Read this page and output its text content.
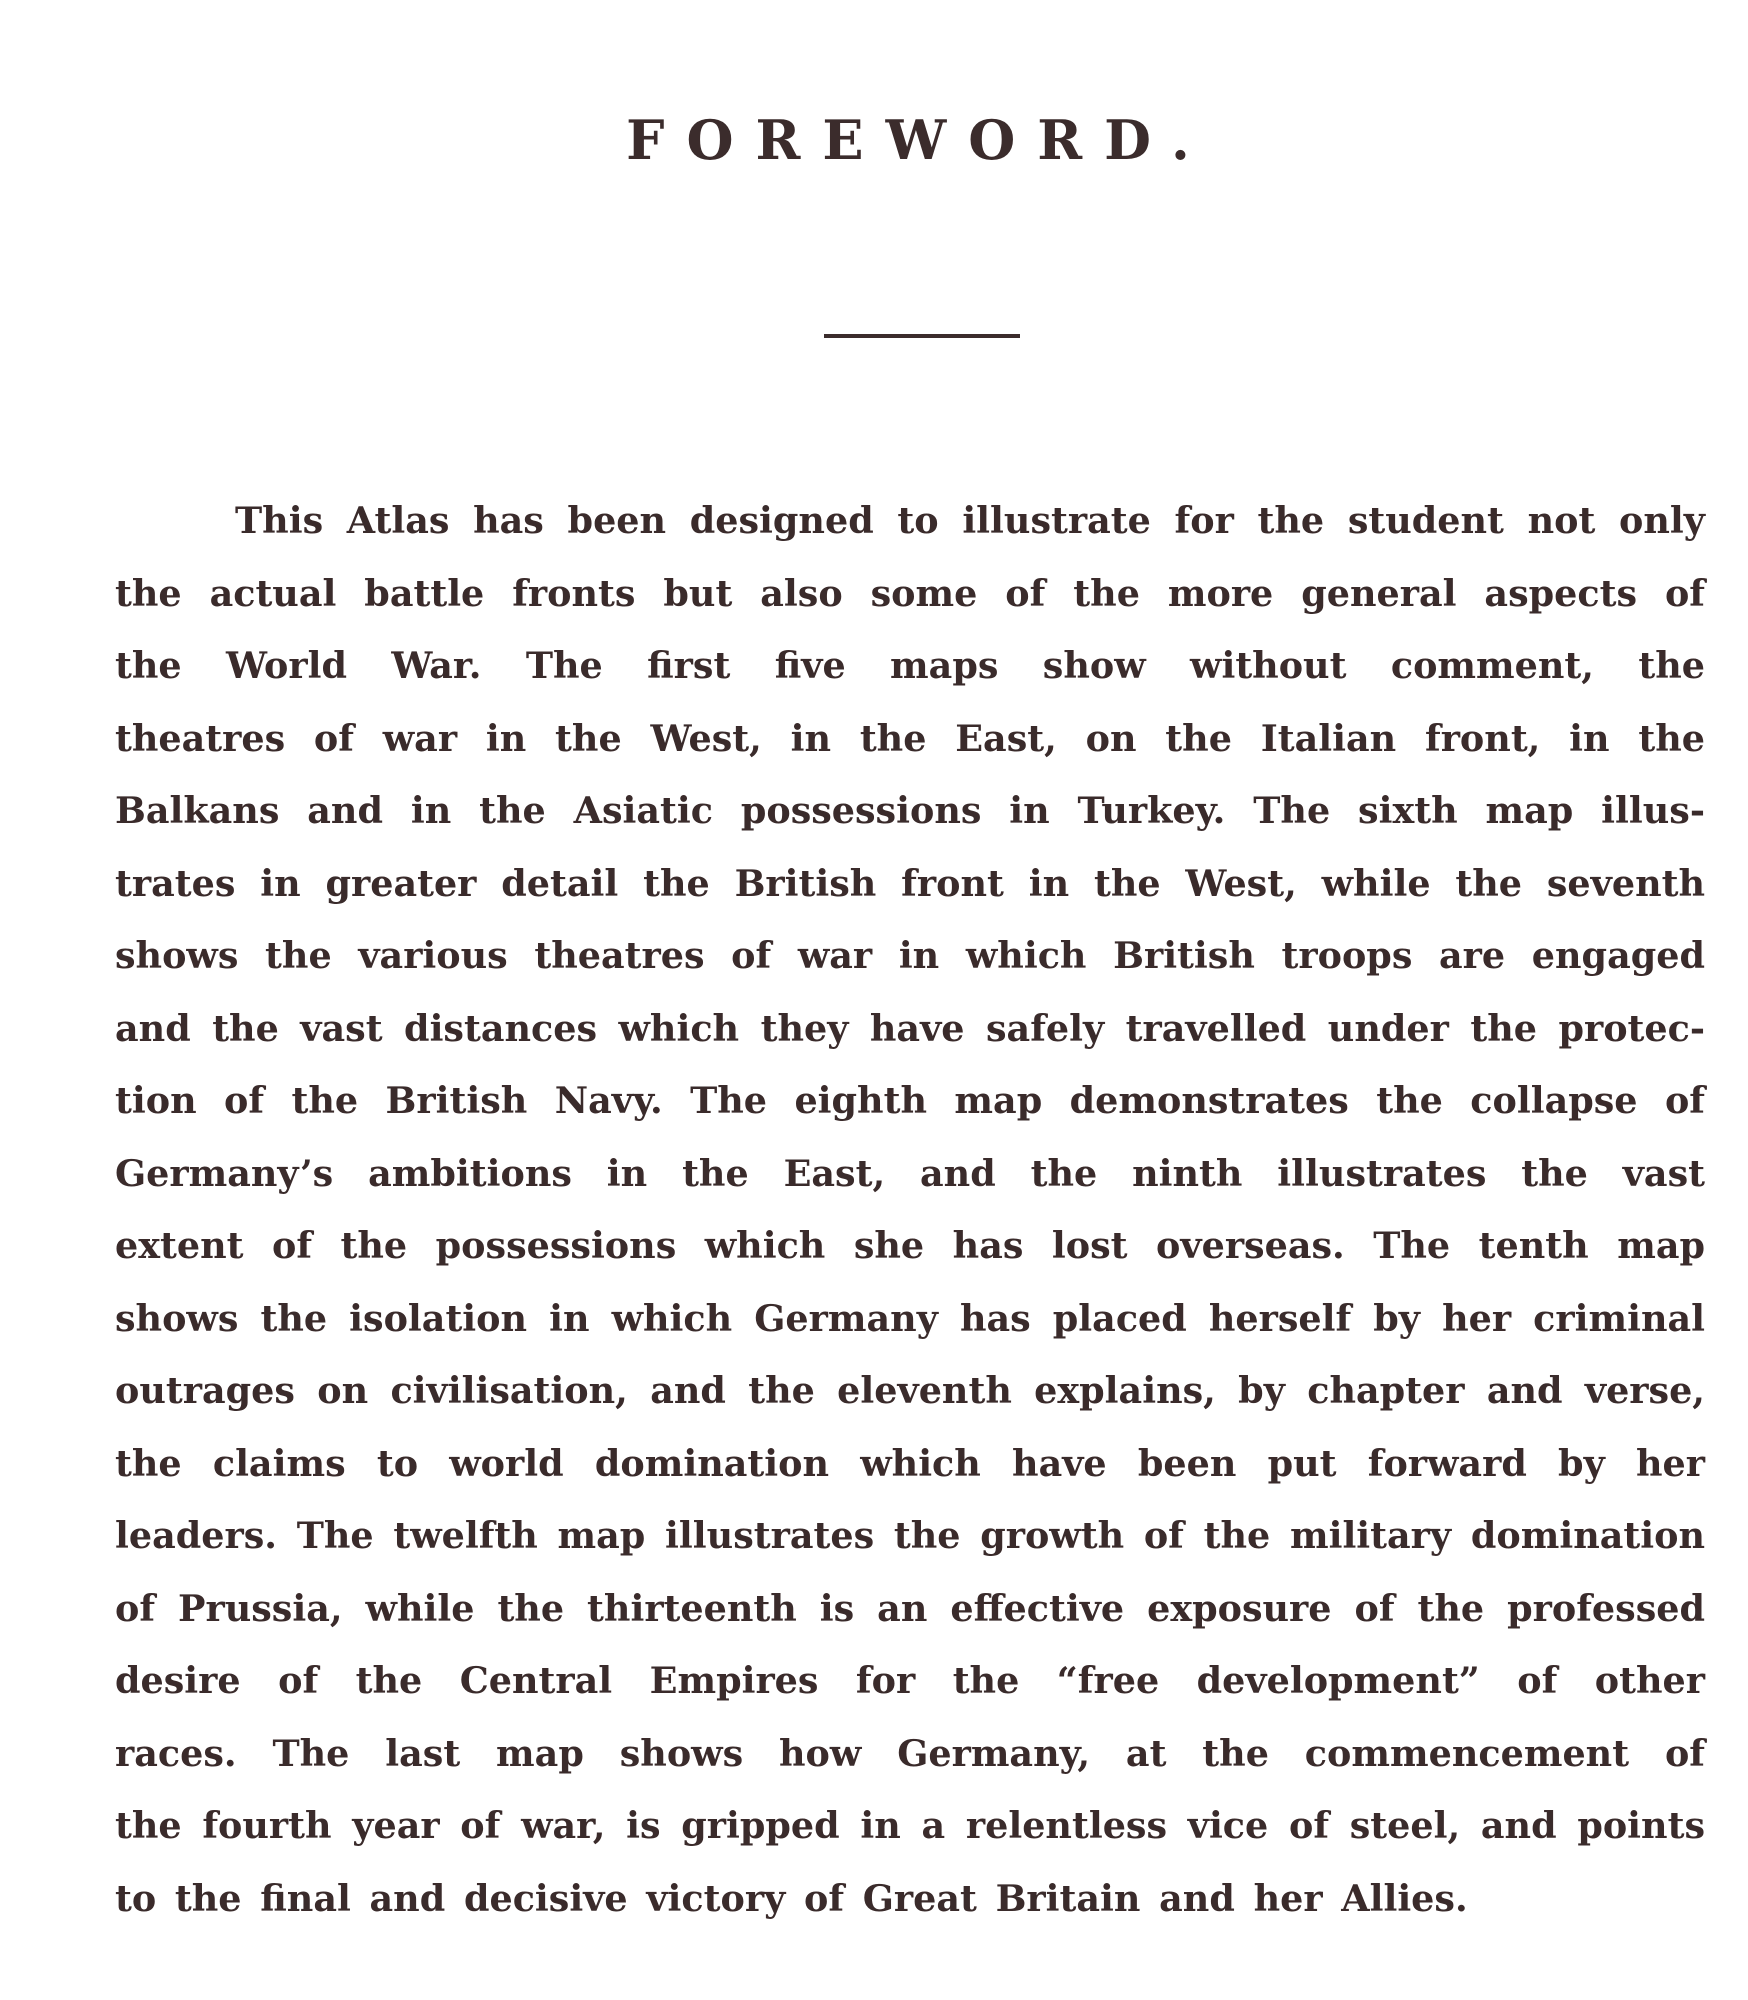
FOREWORD.
This Atlas has been designed to illustrate for the student not only
the actual battle fronts but also some of the more general aspects of
the World War. The first five maps show without comment, the
theatres of war in the West, in the East, on the Italian front, in the
Balkans and in the Asiatic possessions in Turkey. The sixth map illus-
trates in greater detail the British front in the West, while the seventh
shows the various theatres of war in which British troops are engaged
and the vast distances which they have safely travelled under the protec-
tion of the British Navy. The eighth map demonstrates the collapse of
Germany’s ambitions in the East, and the ninth illustrates the vast
extent of the possessions which she has lost overseas. The tenth map
shows the isolation in which Germany has placed herself by her criminal
outrages on civilisation, and the eleventh explains, by chapter and verse,
the claims to world domination which have been put forward by her
leaders. The twelfth map illustrates the growth of the military domination
of Prussia, while the thirteenth is an effective exposure of the professed
desire of the Central Empires for the “free development” of other
races. The last map shows how Germany, at the commencement of
the fourth year of war, is gripped in a relentless vice of steel, and points
to the final and decisive victory of Great Britain and her Allies.
